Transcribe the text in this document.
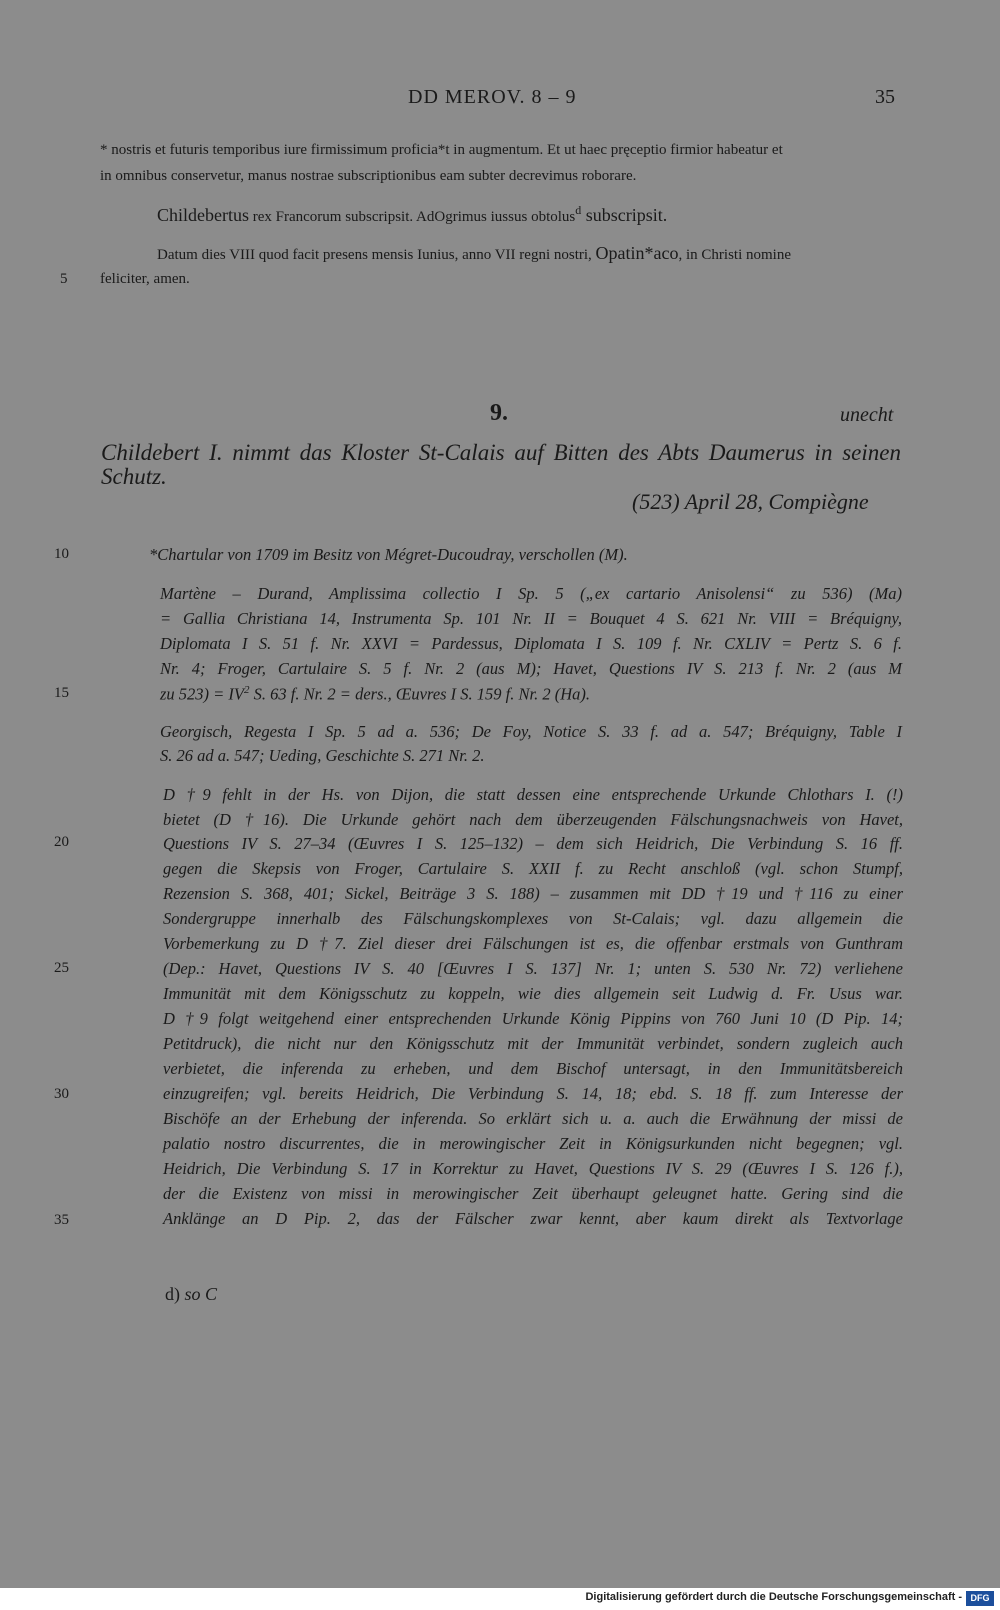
DD MEROV. 8 – 9	35
* nostris et futuris temporibus iure firmissimum proficia*t in augmentum. Et ut haec pręceptio firmior habeatur et
in omnibus conservetur, manus nostrae subscriptionibus eam subter decrevimus roborare.
Childebertus rex Francorum subscripsit. AdOgrimus iussus obtolus$^d$ subscripsit.
Datum dies VIII quod facit presens mensis Iunius, anno VII regni nostri, Opatin*aco, in Christi nomine
feliciter, amen.
5
10
15
20
25
30
35
9.	unecht
Childebert I. nimmt das Kloster St-Calais auf Bitten des Abts Daumerus in seinen
Schutz.
(523) April 28, Compiègne
*Chartular von 1709 im Besitz von Mégret-Ducoudray, verschollen (M).
Martène – Durand, Amplissima collectio I Sp. 5 („ex cartario Anisolensi“ zu 536) (Ma)
= Gallia Christiana 14, Instrumenta Sp. 101 Nr. II = Bouquet 4 S. 621 Nr. VIII = Bréquigny,
Diplomata I S. 51 f. Nr. XXVI = Pardessus, Diplomata I S. 109 f. Nr. CXLIV = Pertz S. 6 f.
Nr. 4; Froger, Cartulaire S. 5 f. Nr. 2 (aus M); Havet, Questions IV S. 213 f. Nr. 2 (aus M
zu $523) = IV^2$ S. 63 f. Nr. 2 = ders., Œuvres I S. 159 f. Nr. 2 (Ha).
Georgisch, Regesta I Sp. 5 ad a. 536; De Foy, Notice S. 33 f. ad a. 547; Bréquigny, Table I
S. 26 ad a. 547; Ueding, Geschichte S. 271 Nr. 2.
D †9 fehlt in der Hs. von Dijon, die statt dessen eine entsprechende Urkunde Chlothars I. (!)
bietet (D †16). Die Urkunde gehört nach dem überzeugenden Fälschungsnachweis von Havet,
Questions IV S. 27–34 (Œuvres I S. 125–132) – dem sich Heidrich, Die Verbindung S. 16 ff.
gegen die Skepsis von Froger, Cartulaire S. XXII f. zu Recht anschloß (vgl. schon Stumpf,
Rezension S. 368, 401; Sickel, Beiträge 3 S. 188) – zusammen mit DD †19 und †116 zu einer
Sondergruppe innerhalb des Fälschungskomplexes von St-Calais; vgl. dazu allgemein die
Vorbemerkung zu D †7. Ziel dieser drei Fälschungen ist es, die offenbar erstmals von Gunthram
(Dep.: Havet, Questions IV S. 40 [Œuvres I S. 137] Nr. 1; unten S. 530 Nr. 72) verliehene
Immunität mit dem Königsschutz zu koppeln, wie dies allgemein seit Ludwig d. Fr. Usus war.
D †9 folgt weitgehend einer entsprechenden Urkunde König Pippins von 760 Juni 10 (D Pip. 14;
Petitdruck), die nicht nur den Königsschutz mit der Immunität verbindet, sondern zugleich auch
verbietet, die inferenda zu erheben, und dem Bischof untersagt, in den Immunitätsbereich
einzugreifen; vgl. bereits Heidrich, Die Verbindung S. 14, 18; ebd. S. 18 ff. zum Interesse der
Bischöfe an der Erhebung der inferenda. So erklärt sich u. a. auch die Erwähnung der missi de
palatio nostro discurrentes, die in merowingischer Zeit in Königsurkunden nicht begegnen; vgl.
Heidrich, Die Verbindung S. 17 in Korrektur zu Havet, Questions IV S. 29 (Œuvres I S. 126 f.),
der die Existenz von missi in merowingischer Zeit überhaupt geleugnet hatte. Gering sind die
Anklänge an D Pip. 2, das der Fälscher zwar kennt, aber kaum direkt als Textvorlage
d) so C
Digitalisierung gefördert durch die Deutsche Forschungsgemeinschaft - DFG
